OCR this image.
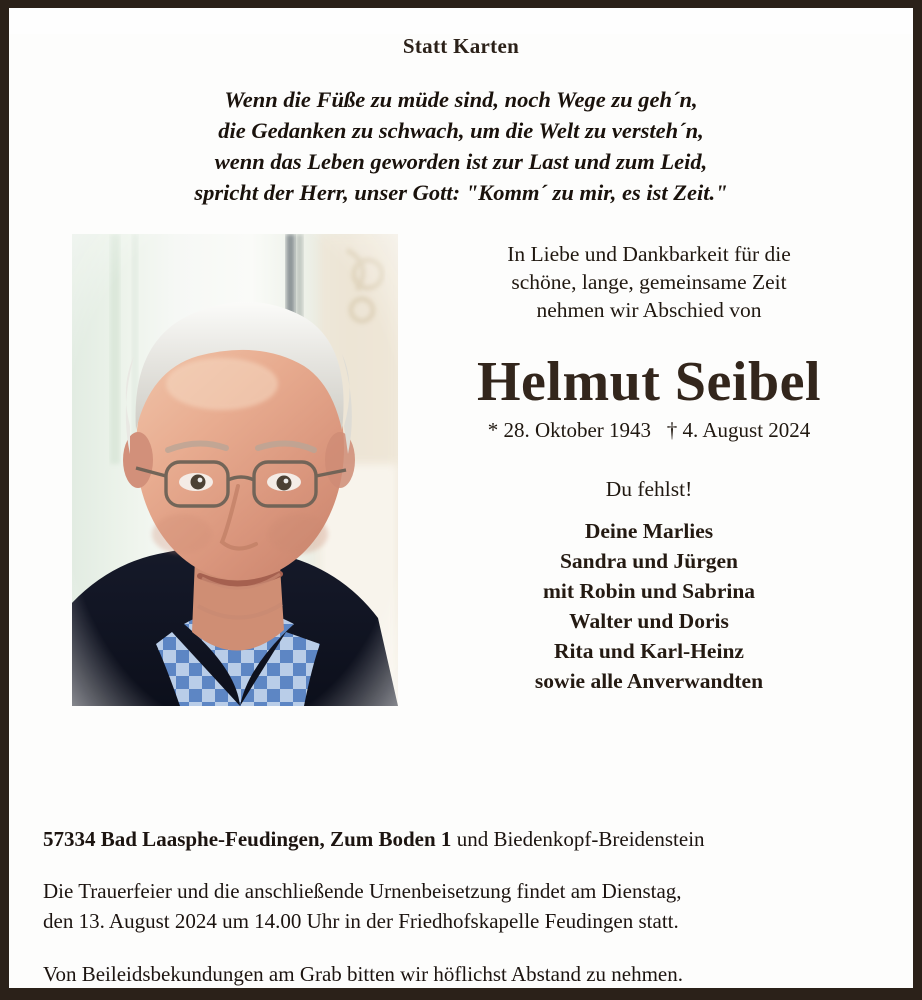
Statt Karten
Wenn die Füße zu müde sind, noch Wege zu geh´n,
die Gedanken zu schwach, um die Welt zu versteh´n,
wenn das Leben geworden ist zur Last und zum Leid,
spricht der Herr, unser Gott: "Komm´ zu mir, es ist Zeit."
In Liebe und Dankbarkeit für die
schöne, lange, gemeinsame Zeit
nehmen wir Abschied von
Helmut Seibel
* 28. Oktober 1943   † 4. August 2024
Du fehlst!
Deine Marlies
Sandra und Jürgen
mit Robin und Sabrina
Walter und Doris
Rita und Karl-Heinz
sowie alle Anverwandten
57334 Bad Laasphe-Feudingen, Zum Boden 1 und Biedenkopf-Breidenstein
Die Trauerfeier und die anschließende Urnenbeisetzung findet am Dienstag,
den 13. August 2024 um 14.00 Uhr in der Friedhofskapelle Feudingen statt.
Von Beileidsbekundungen am Grab bitten wir höflichst Abstand zu nehmen.
